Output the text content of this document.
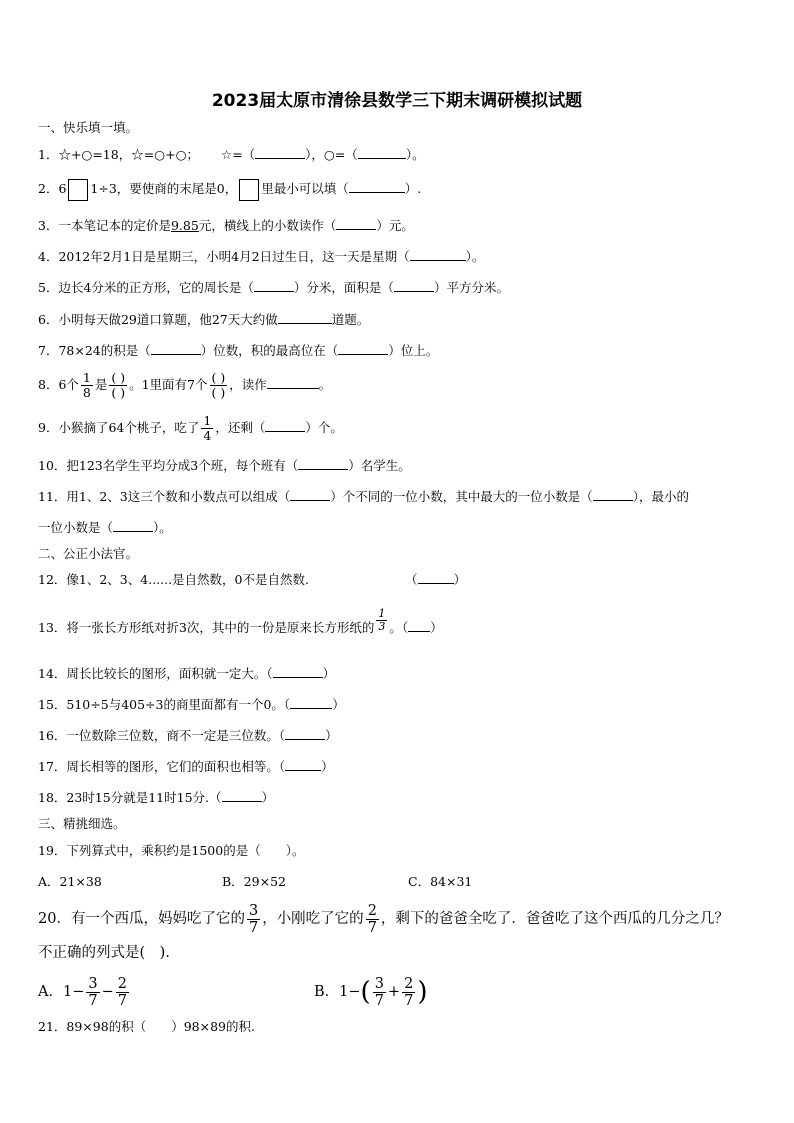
2023届太原市清徐县数学三下期末调研模拟试题
一、快乐填一填。
1．☆+○=18，☆=○+○； ☆=（	），○=（	）。
2．6 1÷3，要使商的末尾是0， 里最小可以填（	）.
3．一本笔记本的定价是9.85元，横线上的小数读作（	）元。
4．2012年2月1日是星期三，小明4月2日过生日，这一天是星期（	）。
5．边长4分米的正方形，它的周长是（	）分米，面积是（	）平方分米。
6．小明每天做29道口算题，他27天大约做	道题。
7．78×24的积是（	）位数，积的最高位在（	）位上。
8．6个 $\frac{1}{8}$ 是 $\frac{( )}{( )}$ 。1里面有7个 $\frac{( )}{( )}$ ，读作	。
9．小猴摘了64个桃子，吃了 $\frac{1}{4}$ ，还剩（	）个。
10．把123名学生平均分成3个班，每个班有（	）名学生。
11．用1、2、3这三个数和小数点可以组成（	）个不同的一位小数，其中最大的一位小数是（	），最小的
一位小数是（	）。
二、公正小法官。
12．像1、2、3、4......是自然数，0不是自然数.	（	）
13．将一张长方形纸对折3次，其中的一份是原来长方形纸的 $\frac{1}{3}$ 。（ ）
14．周长比较长的图形，面积就一定大。（	）
15．510÷5与405÷3的商里面都有一个0。（	）
16．一位数除三位数，商不一定是三位数。（	）
17．周长相等的图形，它们的面积也相等。（	）
18．23时15分就是11时15分.（	）
三、精挑细选。
19．下列算式中，乘积约是1500的是（　　）。
A．21×38	B．29×52	C．84×31
20．有一个西瓜，妈妈吃了它的 $\frac{3}{7}$ ，小刚吃了它的 $\frac{2}{7}$ ，剩下的爸爸全吃了．爸爸吃了这个西瓜的几分之几？
不正确的列式是(　)．
A．$1- \frac{3}{7} - \frac{2}{7}$	B．$1-( \frac{3}{7} + \frac{2}{7}$ )
21．89×98的积（　　）98×89的积.
